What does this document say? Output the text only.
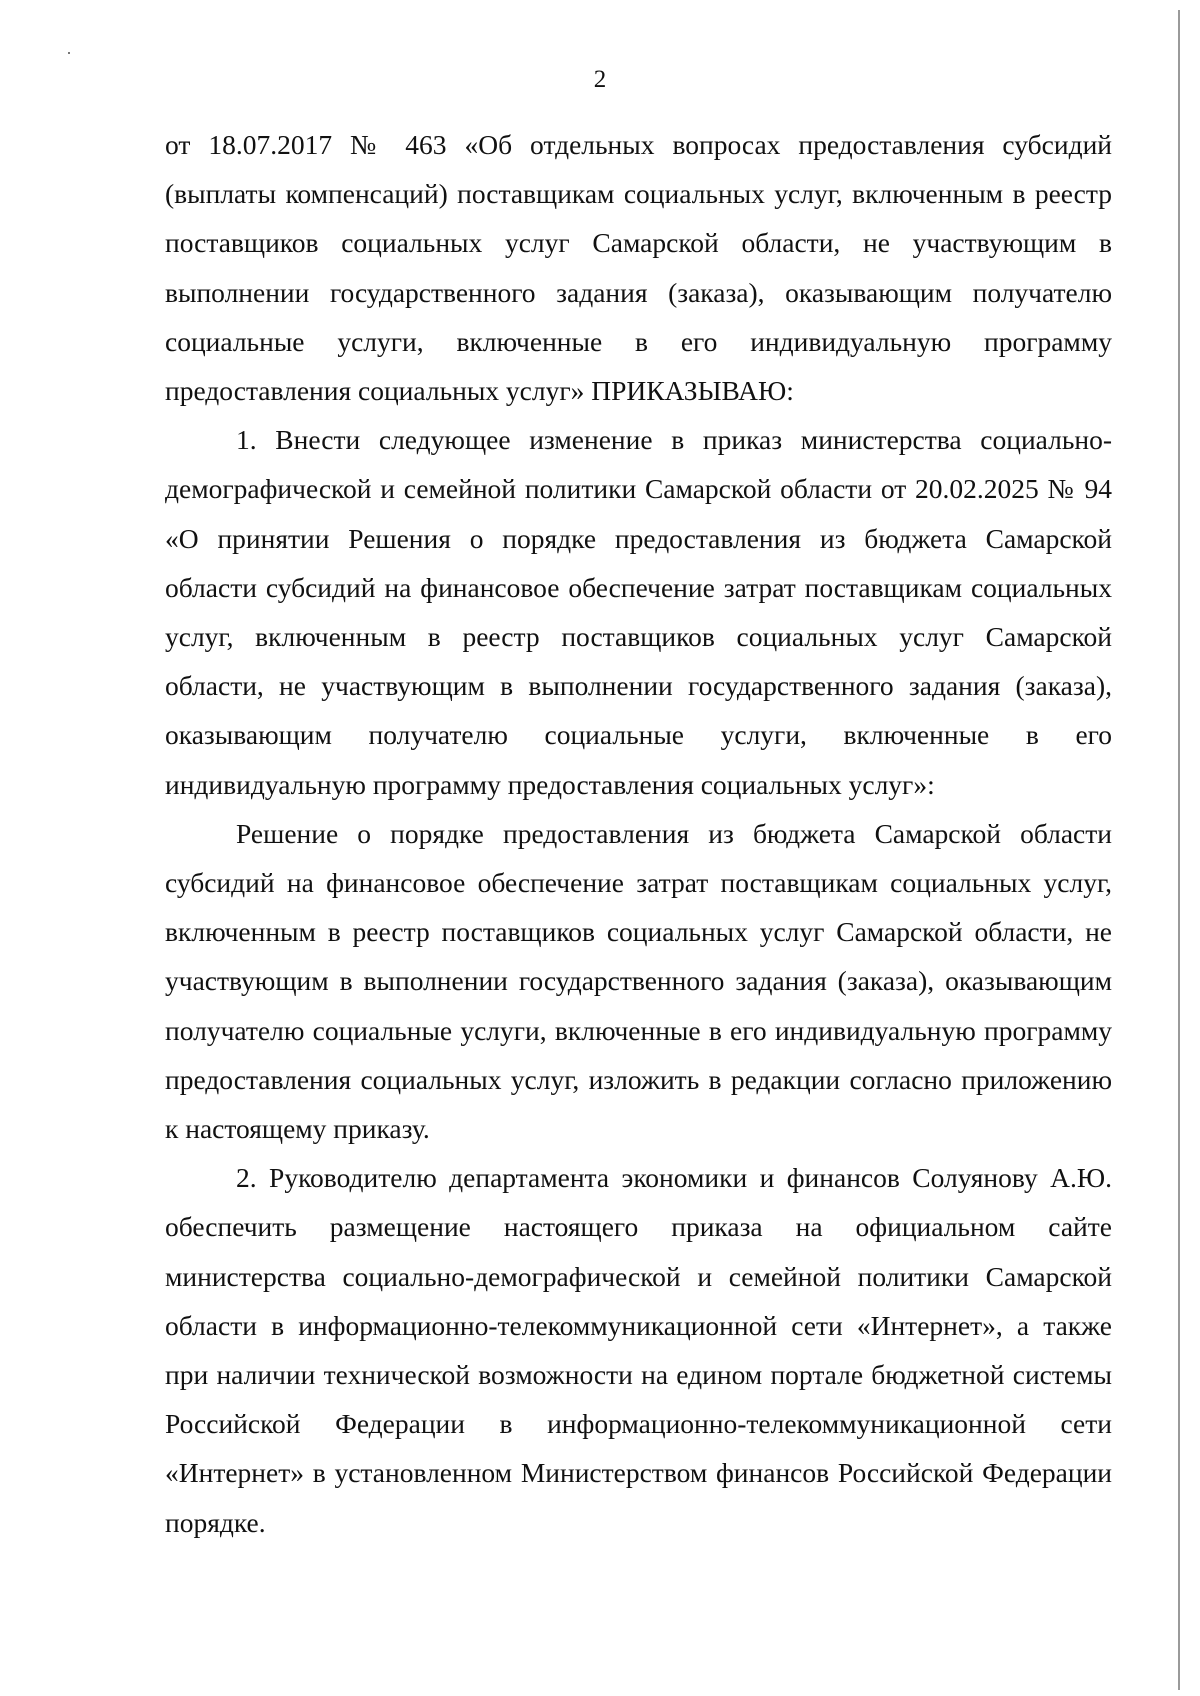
2

от 18.07.2017 № 463 «Об отдельных вопросах предоставления субсидий (выплаты компенсаций) поставщикам социальных услуг, включенным в реестр поставщиков социальных услуг Самарской области, не участвующим в выполнении государственного задания (заказа), оказывающим получателю социальные услуги, включенные в его индивидуальную программу предоставления социальных услуг» ПРИКАЗЫВАЮ:

1. Внести следующее изменение в приказ министерства социально-демографической и семейной политики Самарской области от 20.02.2025 № 94 «О принятии Решения о порядке предоставления из бюджета Самарской области субсидий на финансовое обеспечение затрат поставщикам социальных услуг, включенным в реестр поставщиков социальных услуг Самарской области, не участвующим в выполнении государственного задания (заказа), оказывающим получателю социальные услуги, включенные в его индивидуальную программу предоставления социальных услуг»:

Решение о порядке предоставления из бюджета Самарской области субсидий на финансовое обеспечение затрат поставщикам социальных услуг, включенным в реестр поставщиков социальных услуг Самарской области, не участвующим в выполнении государственного задания (заказа), оказывающим получателю социальные услуги, включенные в его индивидуальную программу предоставления социальных услуг, изложить в редакции согласно приложению к настоящему приказу.

2. Руководителю департамента экономики и финансов Солуянову А.Ю. обеспечить размещение настоящего приказа на официальном сайте министерства социально-демографической и семейной политики Самарской области в информационно-телекоммуникационной сети «Интернет», а также при наличии технической возможности на едином портале бюджетной системы Российской Федерации в информационно-телекоммуникационной сети «Интернет» в установленном Министерством финансов Российской Федерации порядке.
